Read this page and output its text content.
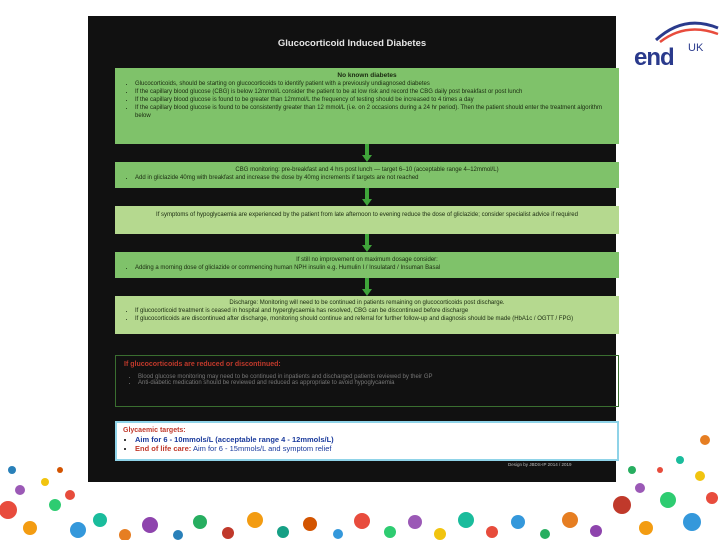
end UK
Glucocorticoid Induced Diabetes
No known diabetes
• Glucocorticoids, should be starting on glucocorticoids to identify patient with a previously undiagnosed diabetes
• If the capillary blood glucose (CBG) is below 12mmol/L consider the patient to be at low risk and record the CBG daily post breakfast or post lunch
• If the capillary blood glucose is found to be greater than 12mmol/L the frequency of testing should be increased to 4 times a day
• If the capillary blood glucose is found to be consistently greater than 12 mmol/L (i.e. on 2 occasions during a 24 hr period). Then the patient should enter the treatment algorithm below
CBG monitoring: pre-breakfast and 4 hrs post lunch — target 6–10 (acceptable range 4–12mmol/L)
• Add in gliclazide 40mg with breakfast and increase the dose by 40mg increments if targets are not reached
If symptoms of hypoglycaemia are experienced by the patient from late afternoon to evening reduce the dose of gliclazide; consider specialist advice if required
If still no improvement on maximum dosage consider:
• Adding a morning dose of gliclazide or commencing human NPH insulin e.g. Humulin I / Insulatard / Insuman Basal
Discharge: Monitoring will need to be continued in patients remaining on glucocorticoids post discharge.
• If glucocorticoid treatment is ceased in hospital and hyperglycaemia has resolved, CBG can be discontinued before discharge
• If glucocorticoids are discontinued after discharge, monitoring should continue and referral for further follow-up and diagnosis should be made (HbA1c / OGTT / FPG)
If glucocorticoids are reduced or discontinued:
• Blood glucose monitoring may need to be continued in inpatients and discharged patients reviewed by their GP
• Anti-diabetic medication should be reviewed and reduced as appropriate to avoid hypoglycaemia
Glycaemic targets:
• Aim for 6 - 10mmols/L (acceptable range 4 - 12mmols/L)
• End of life care: Aim for 6 - 15mmols/L and symptom relief
Design by JBDS-IP 2014 / 2019
